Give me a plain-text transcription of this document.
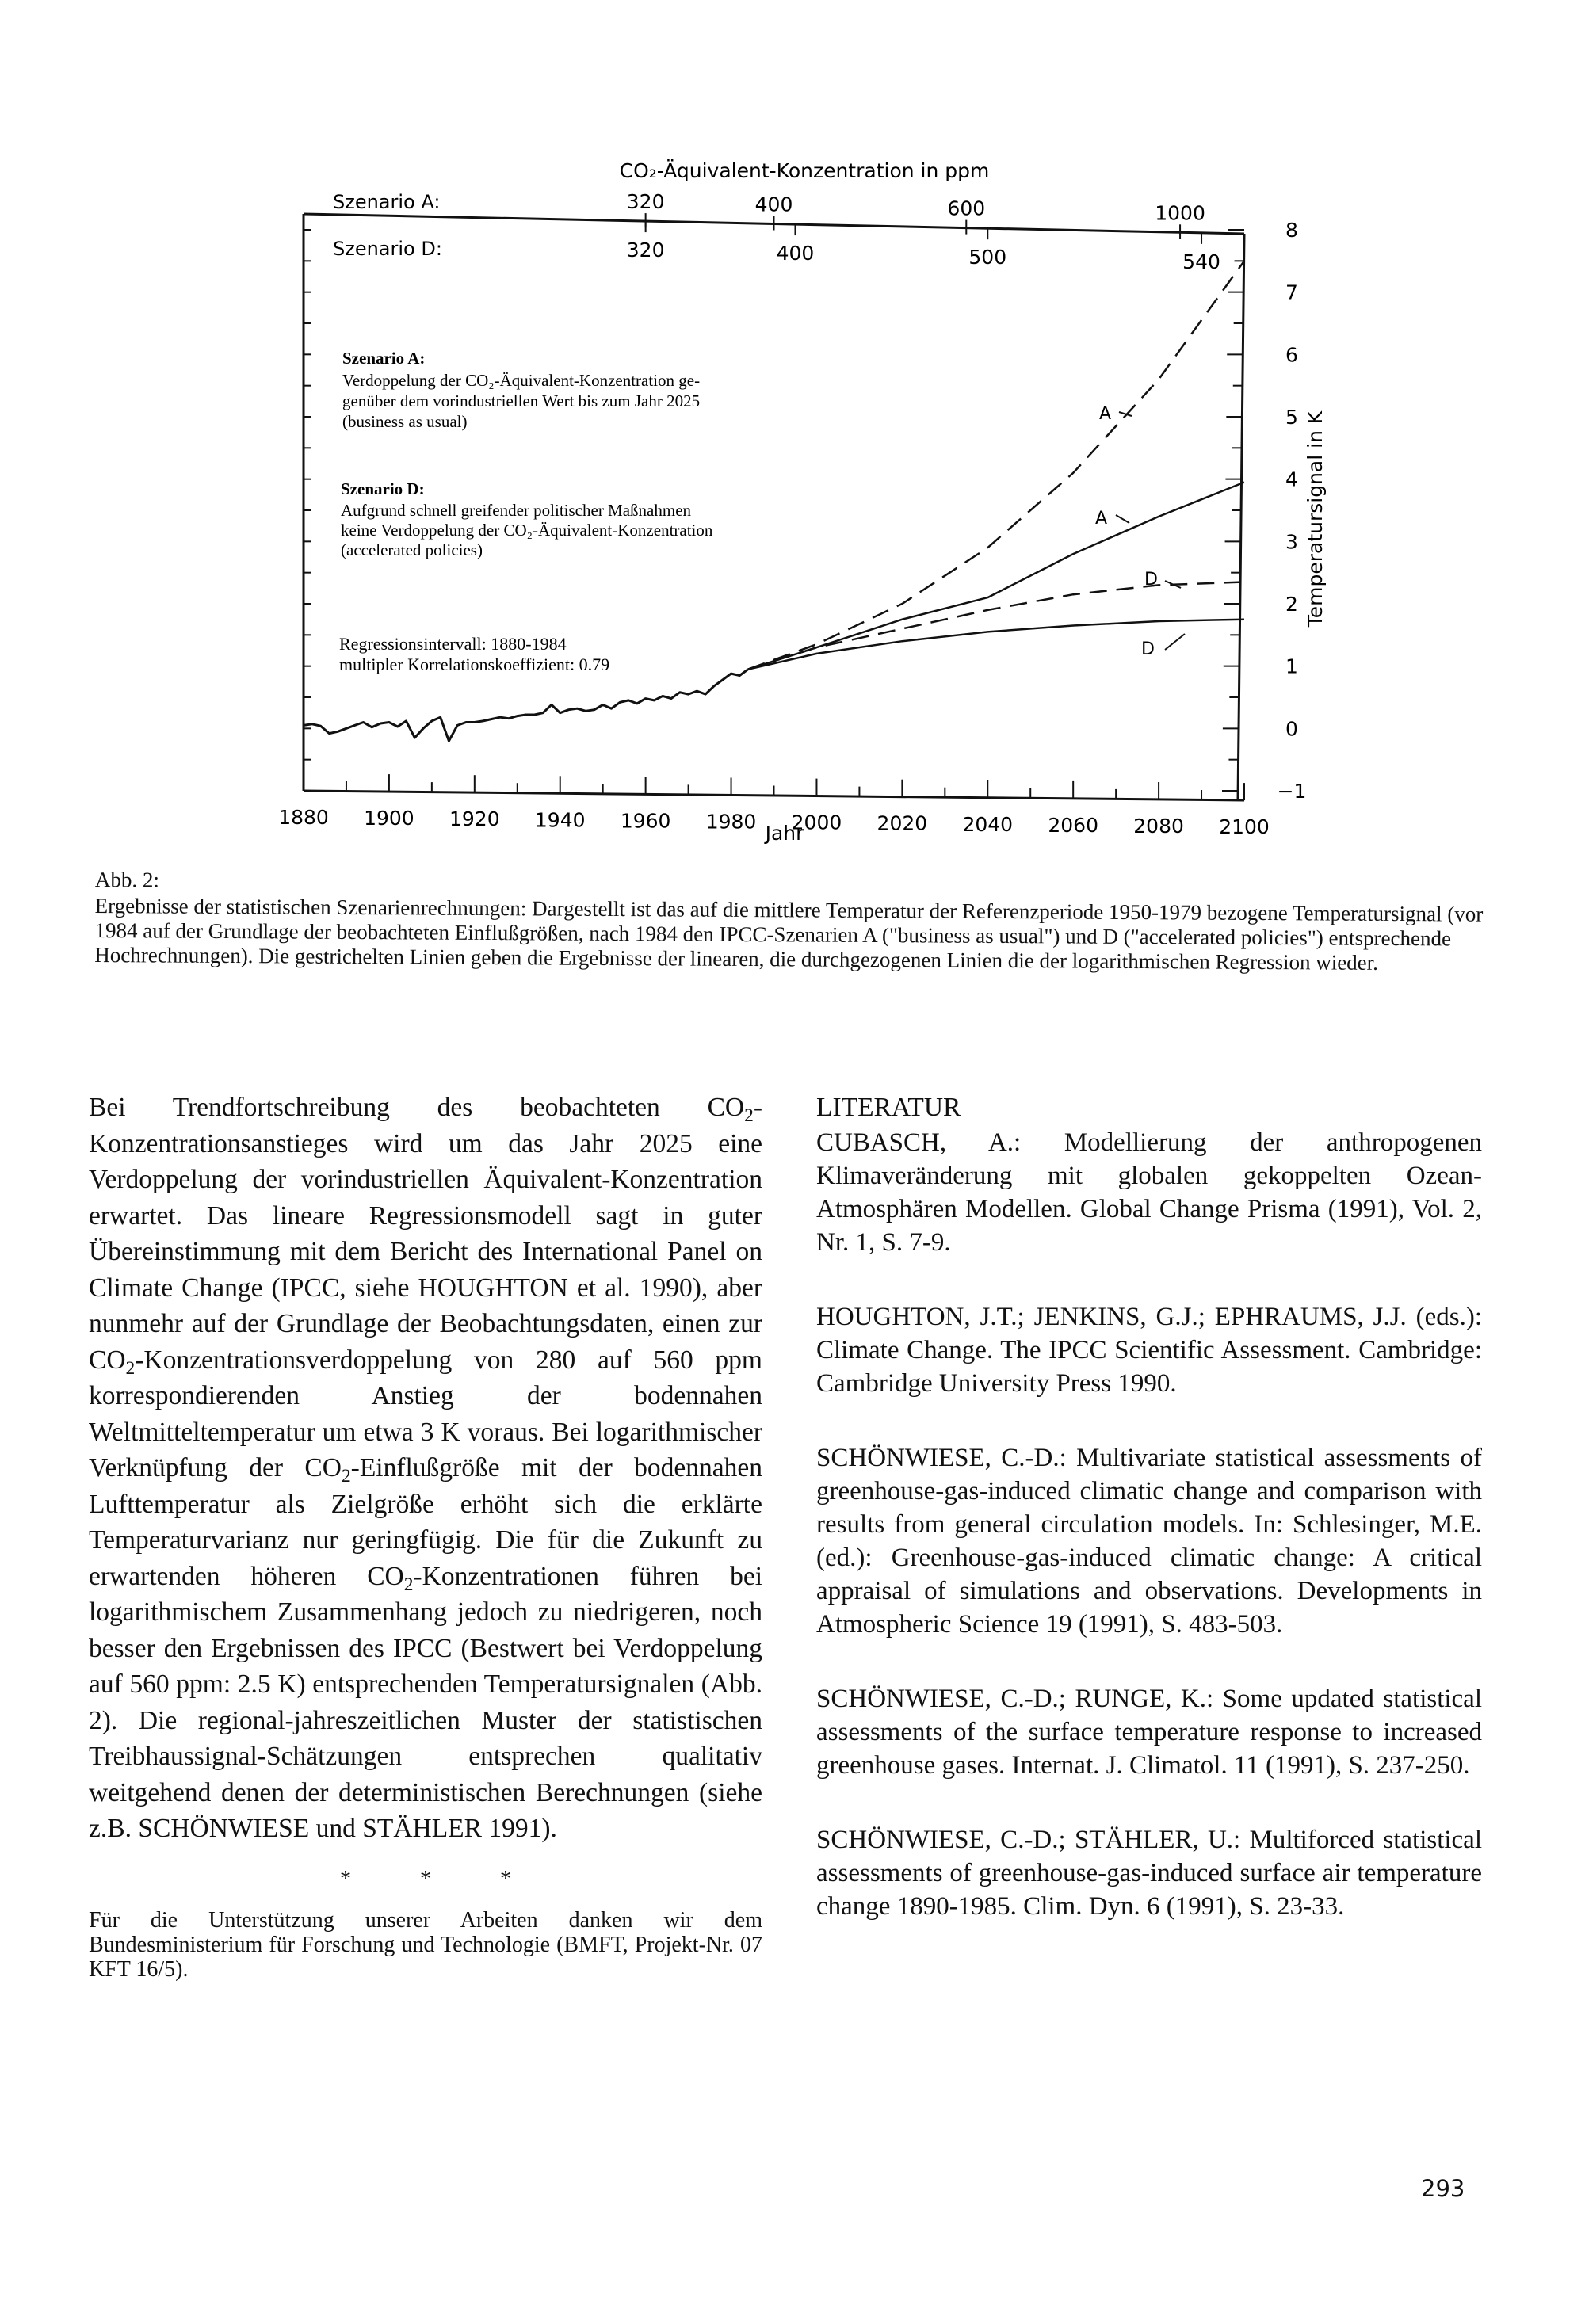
CO₂-Äquivalent-Konzentration in ppm
Szenario A:
Szenario D:
Szenario A:
Verdoppelung der CO₂-Äquivalent-Konzentration ge-
genüber dem vorindustriellen Wert bis zum Jahr 2025
(business as usual)
Szenario D:
Aufgrund schnell greifender politischer Maßnahmen
keine Verdoppelung der CO₂-Äquivalent-Konzentration
(accelerated policies)
Regressionsintervall: 1880-1984
multipler Korrelationskoeffizient: 0.79
A
A
D
D
Jahr
Temperatursignal in K
1880 1900 1920 1940 1960 1980 2000 2020 2040 2060 2080 2100
−1
0
1
2
3
4
5
6
7
8
320	400	600	1000
320	400	500	540
Abb. 2:
Ergebnisse der statistischen Szenarienrechnungen: Dargestellt ist das auf die mittlere Temperatur der Referenzperiode 1950-1979 bezogene Temperatursignal (vor 1984 auf der Grundlage der beobachteten Einflußgrößen, nach 1984 den IPCC-Szenarien A ("business as usual") und D ("accelerated policies") entsprechende Hochrechnungen). Die gestrichelten Linien geben die Ergebnisse der linearen, die durchgezogenen Linien die der logarithmischen Regression wieder.

Bei Trendfortschreibung des beobachteten $CO_2$-Konzentrationsanstieges wird um das Jahr 2025 eine Verdoppelung der vorindustriellen Äquivalent-Konzentration erwartet. Das lineare Regressionsmodell sagt in guter Übereinstimmung mit dem Bericht des International Panel on Climate Change (IPCC, siehe HOUGHTON et al. 1990), aber nunmehr auf der Grundlage der Beobachtungsdaten, einen zur $CO_2$-Konzentrationsverdoppelung von 280 auf 560 ppm korrespondierenden Anstieg der bodennahen Weltmitteltemperatur um etwa 3 K voraus. Bei logarithmischer Verknüpfung der $CO_2$-Einflußgröße mit der bodennahen Lufttemperatur als Zielgröße erhöht sich die erklärte Temperaturvarianz nur geringfügig. Die für die Zukunft zu erwartenden höheren $CO_2$-Konzentrationen führen bei logarithmischem Zusammenhang jedoch zu niedrigeren, noch besser den Ergebnissen des IPCC (Bestwert bei Verdoppelung auf 560 ppm: 2.5 K) entsprechenden Temperatursignalen (Abb. 2). Die regional-jahreszeitlichen Muster der statistischen Treibhaussignal-Schätzungen entsprechen qualitativ weitgehend denen der deterministischen Berechnungen (siehe z.B. SCHÖNWIESE und STÄHLER 1991).

* * *

Für die Unterstützung unserer Arbeiten danken wir dem Bundesministerium für Forschung und Technologie (BMFT, Projekt-Nr. 07 KFT 16/5).

LITERATUR

CUBASCH, A.: Modellierung der anthropogenen Klimaveränderung mit globalen gekoppelten Ozean-Atmosphären Modellen. Global Change Prisma (1991), Vol. 2, Nr. 1, S. 7-9.

HOUGHTON, J.T.; JENKINS, G.J.; EPHRAUMS, J.J. (eds.): Climate Change. The IPCC Scientific Assessment. Cambridge: Cambridge University Press 1990.

SCHÖNWIESE, C.-D.: Multivariate statistical assessments of greenhouse-gas-induced climatic change and comparison with results from general circulation models. In: Schlesinger, M.E. (ed.): Greenhouse-gas-induced climatic change: A critical appraisal of simulations and observations. Developments in Atmospheric Science 19 (1991), S. 483-503.

SCHÖNWIESE, C.-D.; RUNGE, K.: Some updated statistical assessments of the surface temperature response to increased greenhouse gases. Internat. J. Climatol. 11 (1991), S. 237-250.

SCHÖNWIESE, C.-D.; STÄHLER, U.: Multiforced statistical assessments of greenhouse-gas-induced surface air temperature change 1890-1985. Clim. Dyn. 6 (1991), S. 23-33.

293
